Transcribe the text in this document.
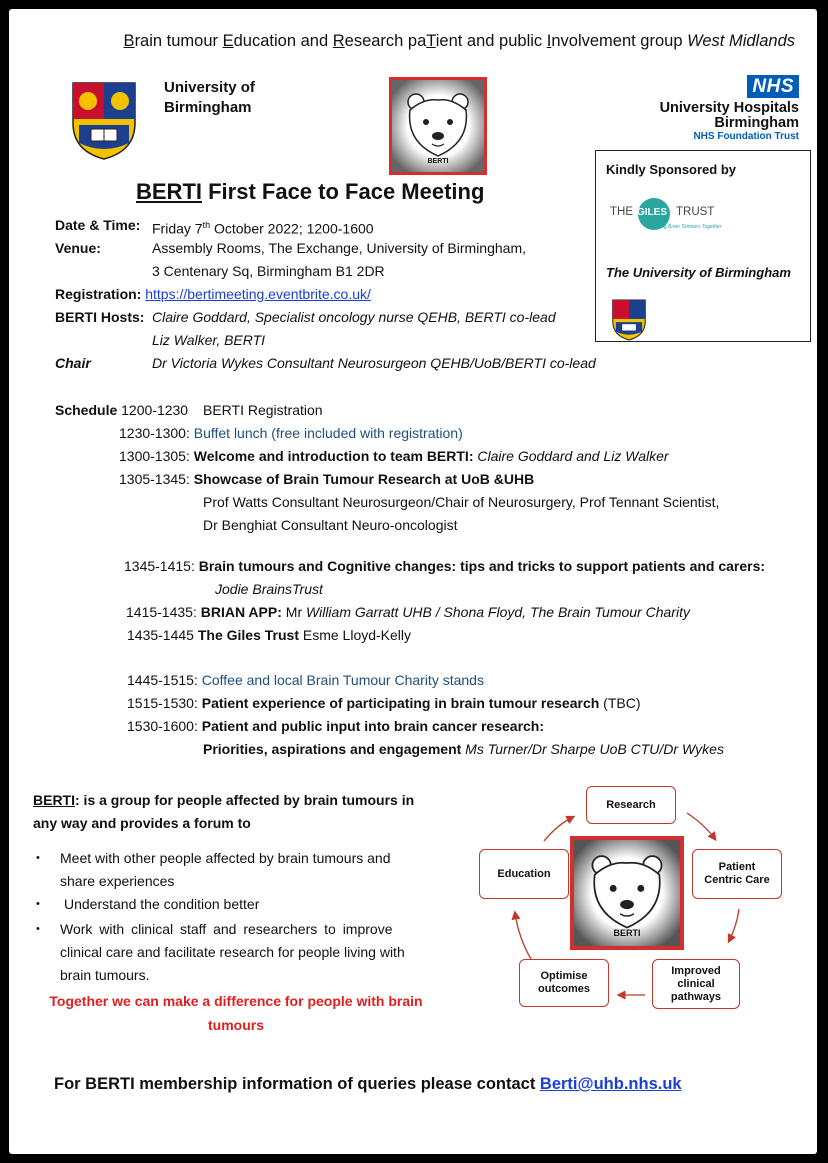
Brain tumour Education and Research paTient and public Involvement group West Midlands
University of
Birmingham
BERTI
NHS
University Hospitals
Birmingham
NHS Foundation Trust
Kindly Sponsored by
THE GILES TRUST
Targeting Brain Tumours Together
The University of Birmingham
BERTI First Face to Face Meeting
Date & Time: Friday 7th October 2022; 1200-1600
Venue:	Assembly Rooms, The Exchange, University of Birmingham,
3 Centenary Sq, Birmingham B1 2DR
Registration: https://bertimeeting.eventbrite.co.uk/
BERTI Hosts: Claire Goddard, Specialist oncology nurse QEHB, BERTI co-lead
Liz Walker, BERTI
Chair	Dr Victoria Wykes Consultant Neurosurgeon QEHB/UoB/BERTI co-lead
Schedule 1200-1230 BERTI Registration
1230-1300: Buffet lunch (free included with registration)
1300-1305: Welcome and introduction to team BERTI: Claire Goddard and Liz Walker
1305-1345: Showcase of Brain Tumour Research at UoB &UHB
Prof Watts Consultant Neurosurgeon/Chair of Neurosurgery, Prof Tennant Scientist,
Dr Benghiat Consultant Neuro-oncologist
1345-1415: Brain tumours and Cognitive changes: tips and tricks to support patients and carers:
Jodie BrainsTrust
1415-1435: BRIAN APP: Mr William Garratt UHB / Shona Floyd, The Brain Tumour Charity
1435-1445 The Giles Trust Esme Lloyd-Kelly
1445-1515: Coffee and local Brain Tumour Charity stands
1515-1530: Patient experience of participating in brain tumour research (TBC)
1530-1600: Patient and public input into brain cancer research:
Priorities, aspirations and engagement Ms Turner/Dr Sharpe UoB CTU/Dr Wykes
BERTI: is a group for people affected by brain tumours in
any way and provides a forum to
• Meet with other people affected by brain tumours and
share experiences
• Understand the condition better
• Work with clinical staff and researchers to improve
clinical care and facilitate research for people living with
brain tumours.
Together we can make a difference for people with brain
tumours
Research
Patient
Centric Care
Improved
clinical
pathways
Optimise
outcomes
Education
BERTI
For BERTI membership information of queries please contact Berti@uhb.nhs.uk
